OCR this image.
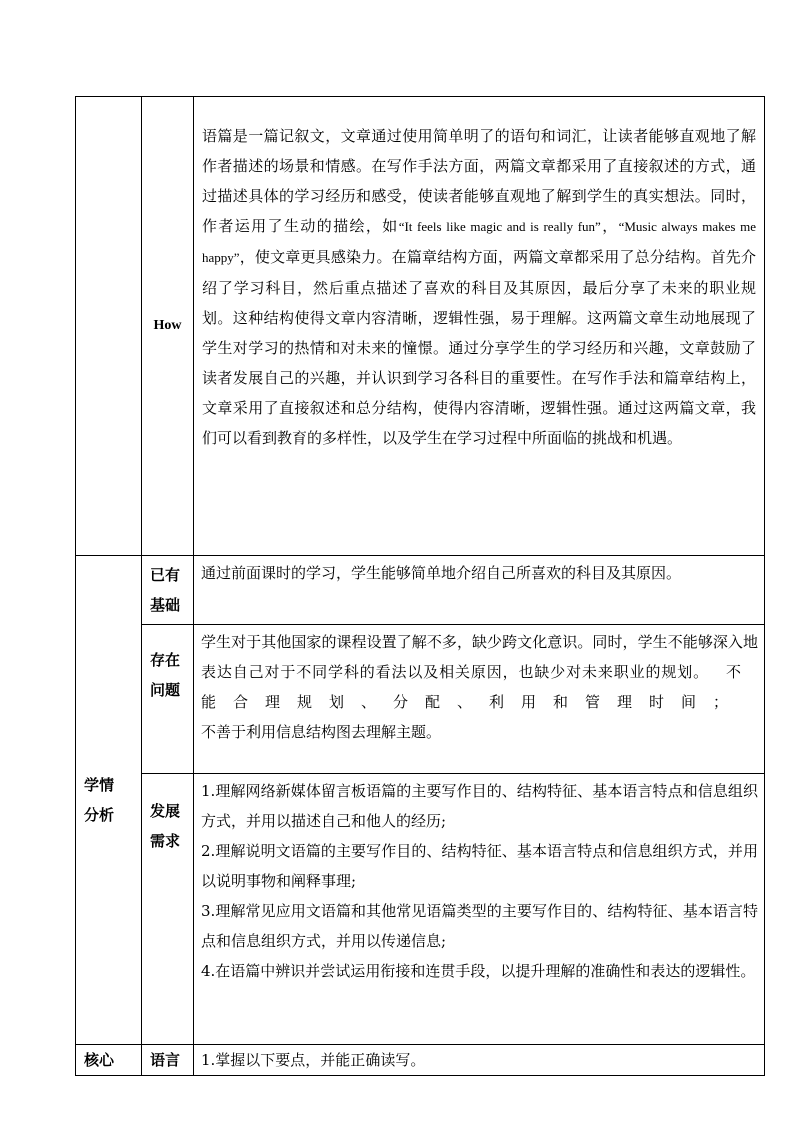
	How	语篇是一篇记叙文，文章通过使用简单明了的语句和词汇，让读者能够直观地了解作者描述的场景和情感。在写作手法方面，两篇文章都采用了直接叙述的方式，通过描述具体的学习经历和感受，使读者能够直观地了解到学生的真实想法。同时，作者运用了生动的描绘，如“It feels like magic and is really fun”，“Music always makes me happy”，使文章更具感染力。在篇章结构方面，两篇文章都采用了总分结构。首先介绍了学习科目，然后重点描述了喜欢的科目及其原因，最后分享了未来的职业规划。这种结构使得文章内容清晰，逻辑性强，易于理解。这两篇文章生动地展现了学生对学习的热情和对未来的憧憬。通过分享学生的学习经历和兴趣，文章鼓励了读者发展自己的兴趣，并认识到学习各科目的重要性。在写作手法和篇章结构上，文章采用了直接叙述和总分结构，使得内容清晰，逻辑性强。通过这两篇文章，我们可以看到教育的多样性，以及学生在学习过程中所面临的挑战和机遇。

学情分析	已有基础	通过前面课时的学习，学生能够简单地介绍自己所喜欢的科目及其原因。

	存在问题	学生对于其他国家的课程设置了解不多，缺少跨文化意识。同时，学生不能够深入地表达自己对于不同学科的看法以及相关原因，也缺少对未来职业的规划。不能合理规划、分配、利用和管理时间；
不善于利用信息结构图去理解主题。

	发展需求	1.理解网络新媒体留言板语篇的主要写作目的、结构特征、基本语言特点和信息组织方式，并用以描述自己和他人的经历;

2.理解说明文语篇的主要写作目的、结构特征、基本语言特点和信息组织方式，并用以说明事物和阐释事理;

3.理解常见应用文语篇和其他常见语篇类型的主要写作目的、结构特征、基本语言特点和信息组织方式，并用以传递信息;

4.在语篇中辨识并尝试运用衔接和连贯手段，以提升理解的准确性和表达的逻辑性。

核心	语言	1.掌握以下要点，并能正确读写。
